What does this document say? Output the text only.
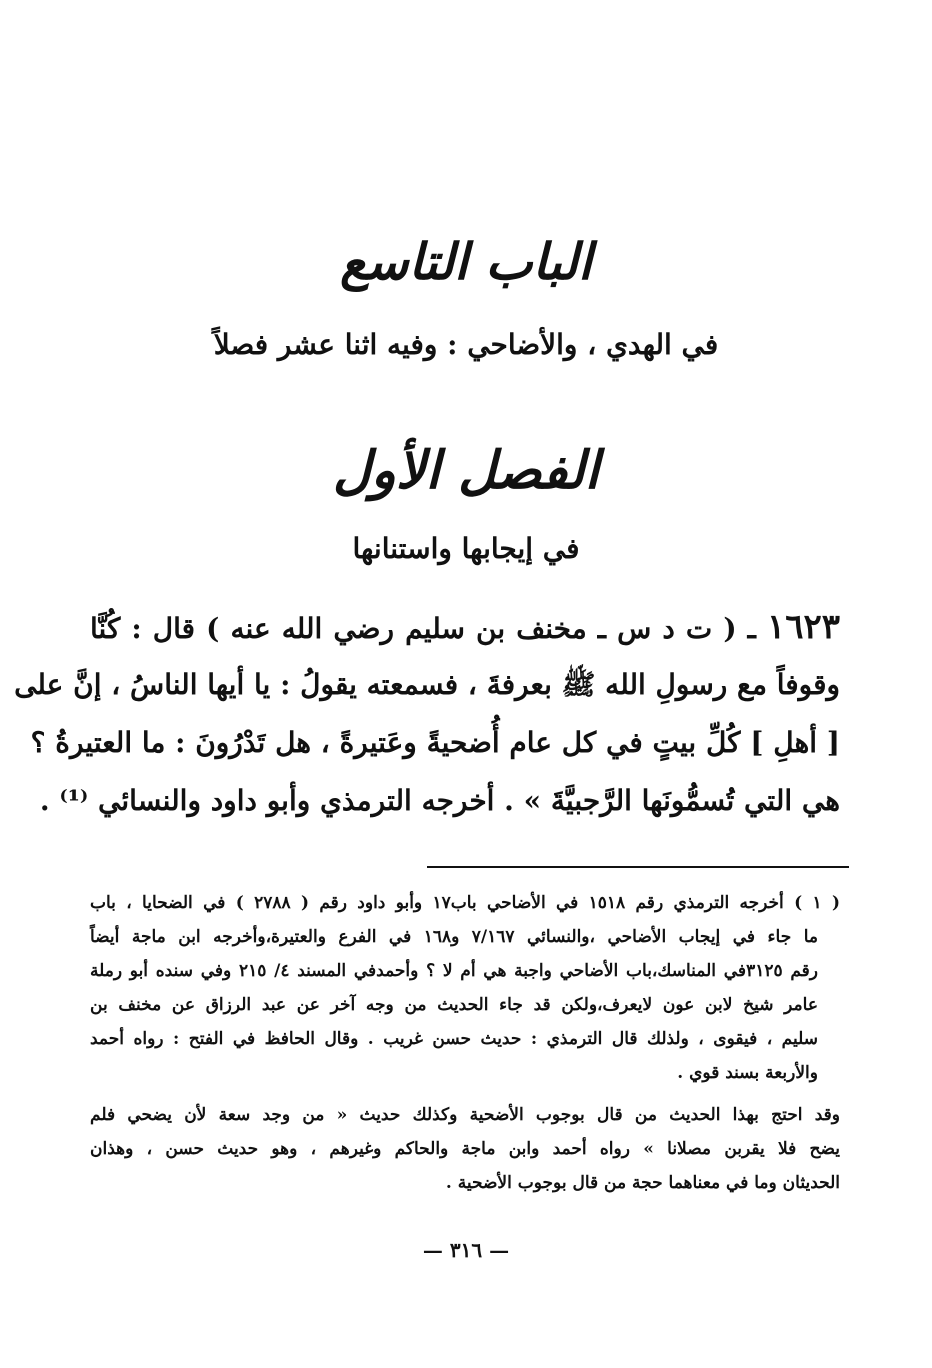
الباب التاسع
في الهدي ، والأضاحي : وفيه اثنا عشر فصلاً
الفصل الأول
في إيجابها واستنانها
١٦٢٣ ـ ( ت د س ـ مخنف بن سليم رضي الله عنه ) قال : كُنَّا
وقوفاً مع رسولِ الله ﷺ بعرفةَ ، فسمعته يقولُ : يا أيها الناسُ ، إنَّ على
[ أهلِ ] كُلِّ بيتٍ في كل عام أُضحيةً وعَتيرةً ، هل تَدْرُونَ : ما العتيرةُ ؟
هي التي تُسمُّونَها الرَّجبيَّةَ » . أخرجه الترمذي وأبو داود والنسائي ⁽¹⁾ .
( ١ ) أخرجه الترمذي رقم ١٥١٨ في الأضاحي باب١٧ وأبو داود رقم ( ٢٧٨٨ ) في الضحايا ، باب
ما جاء في إيجاب الأضاحي ،والنسائي ٧/١٦٧ و١٦٨ في الفرع والعتيرة،وأخرجه ابن ماجة أيضاً
رقم ٣١٢٥في المناسك،باب الأضاحي واجبة هي أم لا ؟ وأحمدفي المسند ٤/ ٢١٥ وفي سنده أبو رملة
عامر شيخ لابن عون لايعرف،ولكن قد جاء الحديث من وجه آخر عن عبد الرزاق عن مخنف بن
سليم ، فيقوى ، ولذلك قال الترمذي : حديث حسن غريب . وقال الحافظ في الفتح : رواه أحمد
والأربعة بسند قوي .
وقد احتج بهذا الحديث من قال بوجوب الأضحية وكذلك حديث « من وجد سعة لأن يضحي فلم
يضح فلا يقربن مصلانا » رواه أحمد وابن ماجة والحاكم وغيرهم ، وهو حديث حسن ، وهذان
الحديثان وما في معناهما حجة من قال بوجوب الأضحية .
— ٣١٦ —
